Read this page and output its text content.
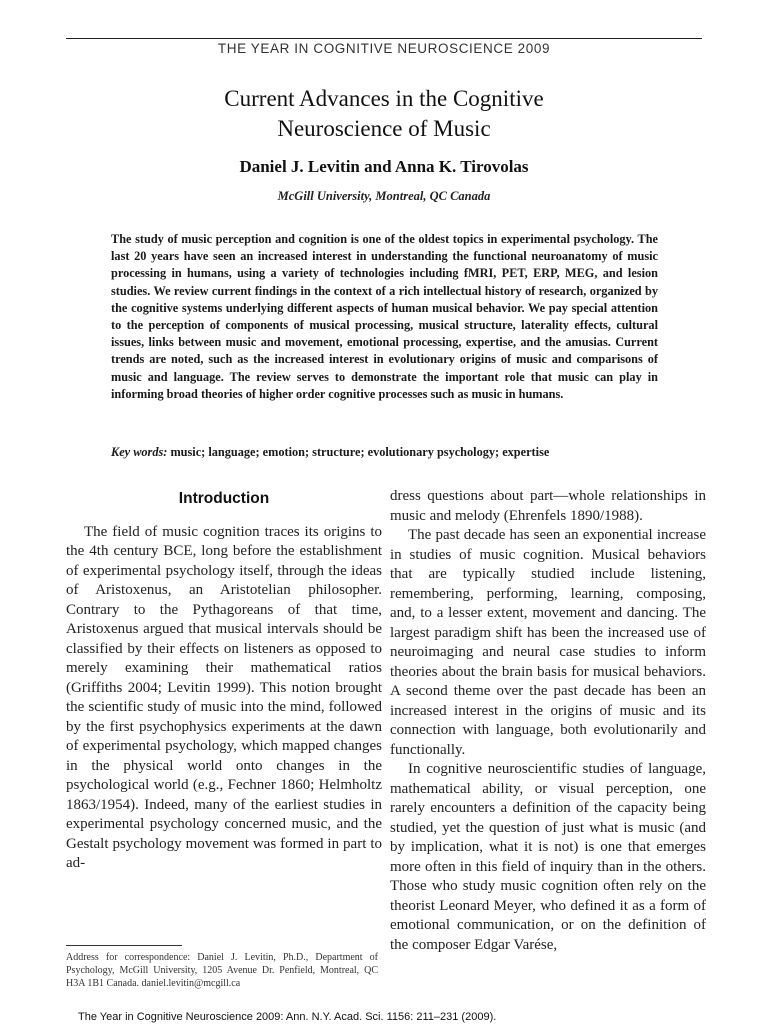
THE YEAR IN COGNITIVE NEUROSCIENCE 2009
Current Advances in the Cognitive
Neuroscience of Music
Daniel J. Levitin and Anna K. Tirovolas
McGill University, Montreal, QC Canada
The study of music perception and cognition is one of the oldest topics in experimental psychology. The last 20 years have seen an increased interest in understanding the functional neuroanatomy of music processing in humans, using a variety of technologies including fMRI, PET, ERP, MEG, and lesion studies. We review current findings in the context of a rich intellectual history of research, organized by the cognitive systems underlying different aspects of human musical behavior. We pay special attention to the perception of components of musical processing, musical structure, laterality effects, cultural issues, links between music and movement, emotional processing, expertise, and the amusias. Current trends are noted, such as the increased interest in evolutionary origins of music and comparisons of music and language. The review serves to demonstrate the important role that music can play in informing broad theories of higher order cognitive processes such as music in humans.
Key words: music; language; emotion; structure; evolutionary psychology; expertise
Introduction

The field of music cognition traces its origins to the 4th century BCE, long before the establishment of experimental psychology itself, through the ideas of Aristoxenus, an Aristotelian philosopher. Contrary to the Pythagoreans of that time, Aristoxenus argued that musical intervals should be classified by their effects on listeners as opposed to merely examining their mathematical ratios (Griffiths 2004; Levitin 1999). This notion brought the scientific study of music into the mind, followed by the first psychophysics experiments at the dawn of experimental psychology, which mapped changes in the physical world onto changes in the psychological world (e.g., Fechner 1860; Helmholtz 1863/1954). Indeed, many of the earliest studies in experimental psychology concerned music, and the Gestalt psychology movement was formed in part to ad-

dress questions about part—whole relationships in music and melody (Ehrenfels 1890/1988).

The past decade has seen an exponential increase in studies of music cognition. Musical behaviors that are typically studied include listening, remembering, performing, learning, composing, and, to a lesser extent, movement and dancing. The largest paradigm shift has been the increased use of neuroimaging and neural case studies to inform theories about the brain basis for musical behaviors. A second theme over the past decade has been an increased interest in the origins of music and its connection with language, both evolutionarily and functionally.

In cognitive neuroscientific studies of language, mathematical ability, or visual perception, one rarely encounters a definition of the capacity being studied, yet the question of just what is music (and by implication, what it is not) is one that emerges more often in this field of inquiry than in the others. Those who study music cognition often rely on the theorist Leonard Meyer, who defined it as a form of emotional communication, or on the definition of the composer Edgar Varése,

Address for correspondence: Daniel J. Levitin, Ph.D., Department of Psychology, McGill University, 1205 Avenue Dr. Penfield, Montreal, QC H3A 1B1 Canada. daniel.levitin@mcgill.ca
The Year in Cognitive Neuroscience 2009: Ann. N.Y. Acad. Sci. 1156: 211–231 (2009).
